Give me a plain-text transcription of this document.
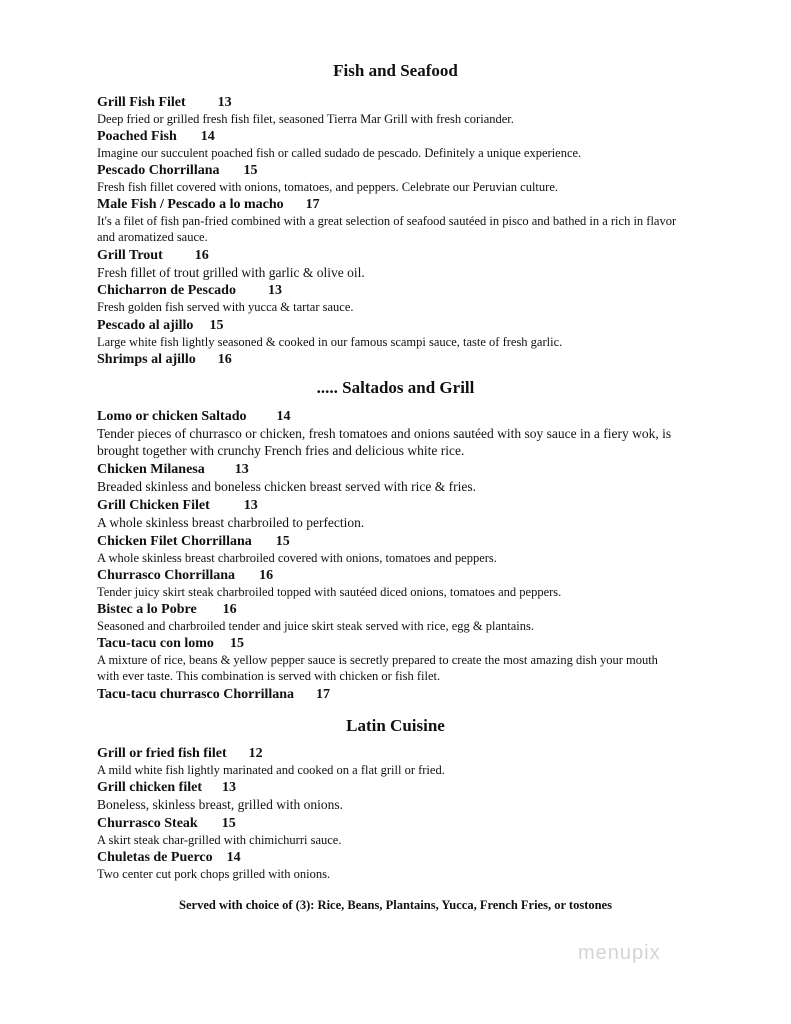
Fish and Seafood
Grill Fish Filet 13

Deep fried or grilled fresh fish filet, seasoned Tierra Mar Grill with fresh coriander.

Poached Fish 14

Imagine our succulent poached fish or called sudado de pescado. Definitely a unique experience.

Pescado Chorrillana 15

Fresh fish fillet covered with onions, tomatoes, and peppers. Celebrate our Peruvian culture.

Male Fish / Pescado a lo macho 17

It's a filet of fish pan-fried combined with a great selection of seafood sautéed in pisco and bathed in a rich in flavor and aromatized sauce.

Grill Trout 16

Fresh fillet of trout grilled with garlic & olive oil.

Chicharron de Pescado 13

Fresh golden fish served with yucca & tartar sauce.

Pescado al ajillo 15

Large white fish lightly seasoned & cooked in our famous scampi sauce, taste of fresh garlic.

Shrimps al ajillo 16
..... Saltados and Grill
Lomo or chicken Saltado 14

Tender pieces of churrasco or chicken, fresh tomatoes and onions sautéed with soy sauce in a fiery wok, is brought together with crunchy French fries and delicious white rice.

Chicken Milanesa 13

Breaded skinless and boneless chicken breast served with rice & fries.

Grill Chicken Filet 13

A whole skinless breast charbroiled to perfection.

Chicken Filet Chorrillana 15

A whole skinless breast charbroiled covered with onions, tomatoes and peppers.

Churrasco Chorrillana 16

Tender juicy skirt steak charbroiled topped with sautéed diced onions, tomatoes and peppers.

Bistec a lo Pobre 16

Seasoned and charbroiled tender and juice skirt steak served with rice, egg & plantains.

Tacu-tacu con lomo 15

A mixture of rice, beans & yellow pepper sauce is secretly prepared to create the most amazing dish your mouth with ever taste. This combination is served with chicken or fish filet.

Tacu-tacu churrasco Chorrillana 17
Latin Cuisine
Grill or fried fish filet 12

A mild white fish lightly marinated and cooked on a flat grill or fried.

Grill chicken filet 13

Boneless, skinless breast, grilled with onions.

Churrasco Steak 15

A skirt steak char-grilled with chimichurri sauce.

Chuletas de Puerco 14

Two center cut pork chops grilled with onions.

Served with choice of (3): Rice, Beans, Plantains, Yucca, French Fries, or tostones
menupix
